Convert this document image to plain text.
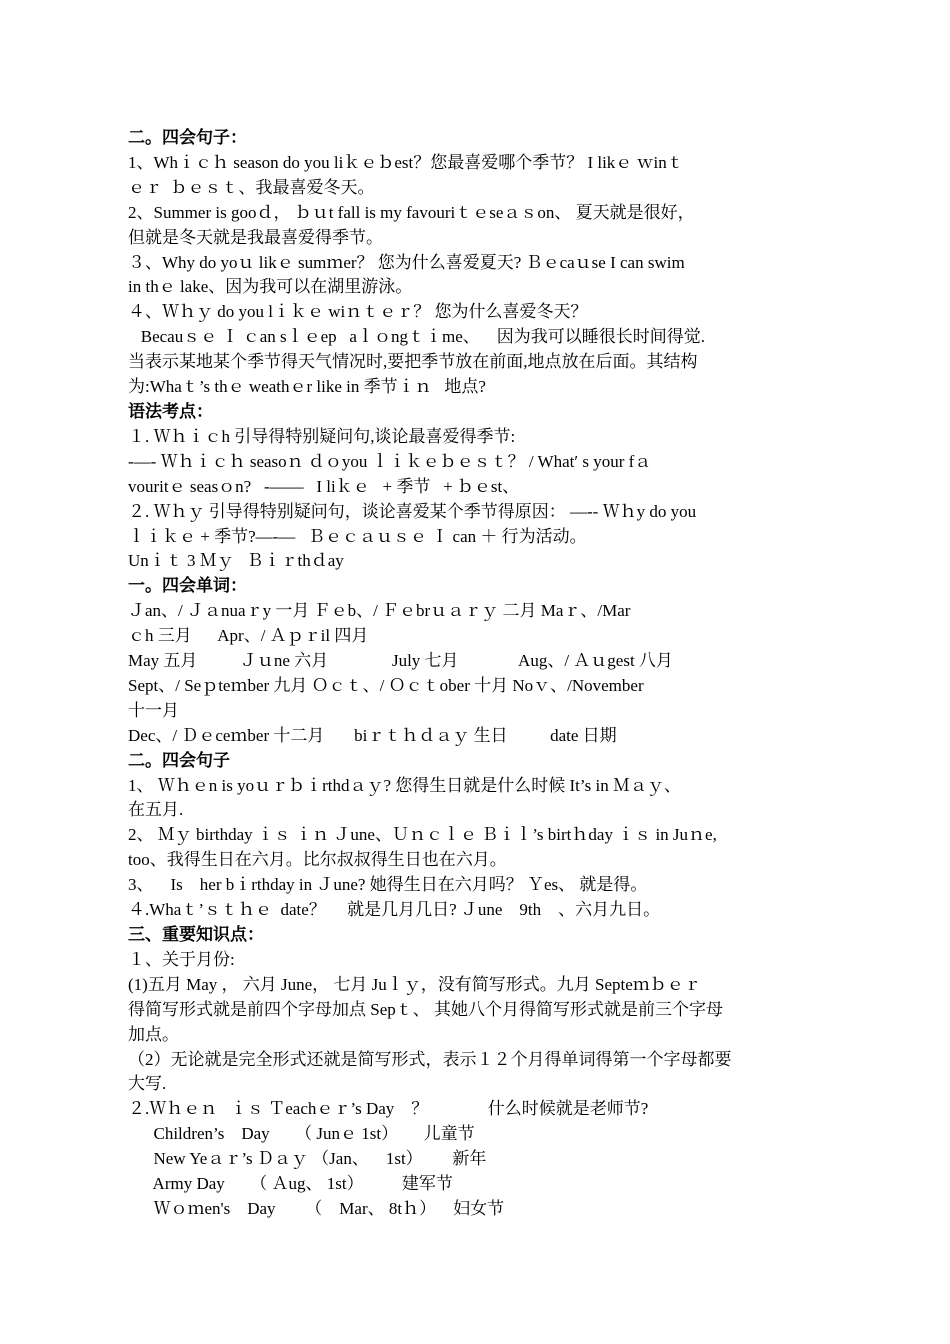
二。四会句子：
1、Whｉｃｈ season do you liｋｅｂest？您最喜爱哪个季节？ I likｅ ｗinｔ
ｅｒ  ｂｅｓｔ、我最喜爱冬天。
2、Summer is gooｄ， ｂｕt fall is my favouriｔｅseａｓon、 夏天就是很好，
但就是冬天就是我最喜爱得季节。
３、Why do yoｕ likｅ sumｍer？ 您为什么喜爱夏天? Ｂｅcaｕse I can swim
in thｅ lake、因为我可以在湖里游泳。
４、Ｗｈｙ do you lｉｋｅ wiｎｔｅｒ？ 您为什么喜爱冬天？
Becauｓｅ Ｉ ｃan sｌｅep   aｌｏngｔｉme、    因为我可以睡很长时间得觉.
当表示某地某个季节得天气情况时,要把季节放在前面,地点放在后面。其结构
为:Whaｔ’s thｅ weathｅr like in 季节ｉｎ   地点?
语法考点：
１. Ｗｈｉｃh 引导得特别疑问句,谈论最喜爱得季节:
-—- Ｗｈｉｃｈ seasoｎ ｄｏyou ｌｉｋｅｂｅｓｔ？ / What′ s your fａ
vouritｅ seasｏn?   -——   I liｋｅ   + 季节   + ｂｅst、
２. Ｗｈｙ 引导得特别疑问句，谈论喜爱某个季节得原因： —-- Ｗｈy do you
ｌｉｋｅ + 季节?—-—   Ｂｅｃａｕｓｅ Ｉ can ＋ 行为活动。
Unｉｔ 3 Ｍｙ   Ｂｉｒthｄay
一。四会单词：
Ｊan、/ Ｊａnuaｒy 一月 Ｆｅb、/ Ｆｅbrｕａｒｙ 二月 Maｒ、/Mar
ｃh 三月      Apr、/ Ａｐｒil 四月
May 五月          Ｊｕne 六月               July 七月              Aug、/ Ａｕgest 八月
Sept、/ Seｐteｍber 九月 Ｏｃｔ、/ Ｏｃｔober 十月 Noｖ、/November
十一月
Dec、/ Ｄｅceｍber 十二月       biｒｔｈｄａｙ 生日          date 日期
二。四会句子
1、 Ｗｈｅn is yoｕｒｂｉrthdａｙ? 您得生日就是什么时候 It’s in Ｍａｙ、
在五月.
2、 Ｍｙ birthday ｉｓ ｉｎ Ｊune、Ｕｎｃｌｅ Ｂｉｌ’s birtｈday ｉｓ in Juｎe,
too、我得生日在六月。比尔叔叔得生日也在六月。
3、    Is    her bｉrthday in Ｊune? 她得生日在六月吗？ Ｙes、 就是得。
４.Whaｔ’ｓｔｈｅ  date？     就是几月几日? Ｊune    9th    、六月九日。
三、重要知识点：
１、关于月份:
(1)五月 May ， 六月 June， 七月 Juｌｙ，没有简写形式。九月 Septeｍｂｅｒ
得简写形式就是前四个字母加点 Sepｔ、 其她八个月得简写形式就是前三个字母
加点。
（2）无论就是完全形式还就是简写形式，表示１２个月得单词得第一个字母都要
大写.
２.Ｗｈｅｎ   ｉｓ Ｔeachｅｒ’s Day    ？              什么时候就是老师节?
Children’s    Day      （ Junｅ 1st）      儿童节
New Yeａｒ’s Ｄａｙ （Jan、    1st）       新年
Army Day      （ Ａug、 1st）         建军节
Ｗｏｍen's    Day       （    Mar、 8tｈ）    妇女节
